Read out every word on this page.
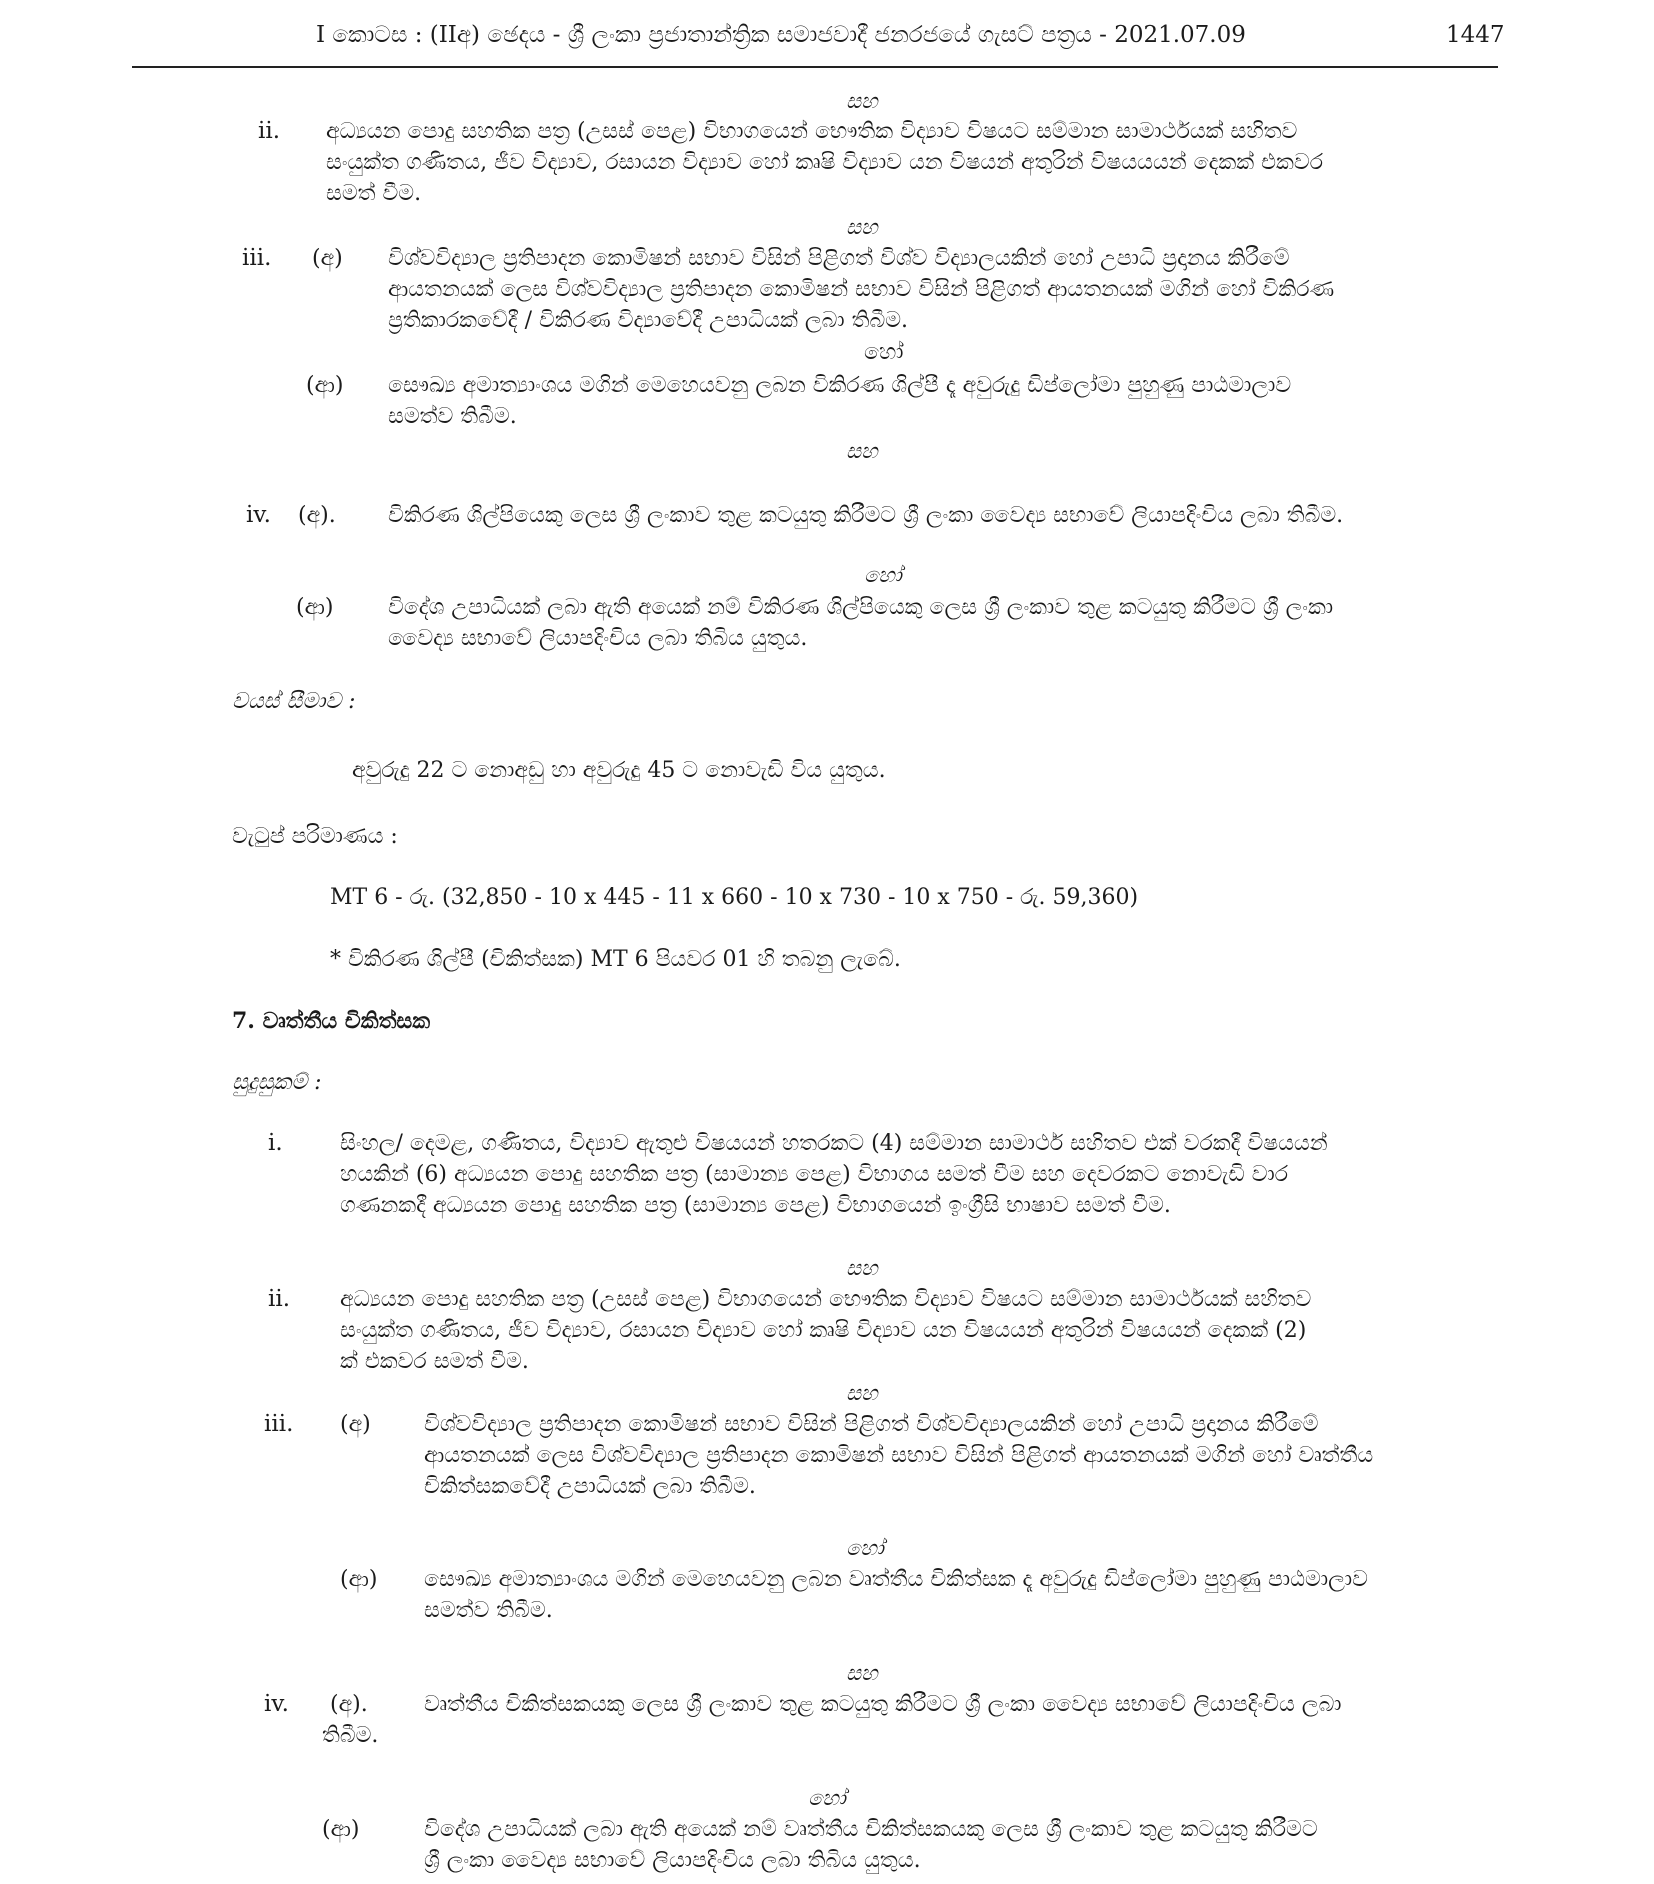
I කොටස : (IIඅ) ඡෙදය - ශ්‍රී ලංකා ප්‍රජාතාන්ත්‍රික සමාජවාදී ජනරජයේ ගැසට් පත්‍රය - 2021.07.09	1447
සහ
ii. අධ්‍යයන පොදු සහතික පත්‍ර (උසස් පෙළ) විභාගයෙන් භෞතික විද්‍යාව විෂයට සම්මාන සාමාර්ථයක් සහිතව
සංයුක්ත ගණිතය, ජීව විද්‍යාව, රසායන විද්‍යාව හෝ කෘෂි විද්‍යාව යන විෂයන් අතුරින් විෂයයයන් දෙකක් එකවර
සමත් වීම.
සහ
iii. (අ) විශ්වවිද්‍යාල ප්‍රතිපාදන කොමිෂන් සභාව විසින් පිළිගත් විශ්ව විද්‍යාලයකින් හෝ උපාධි ප්‍රදානය කිරීමේ
ආයතනයක් ලෙස විශ්වවිද්‍යාල ප්‍රතිපාදන කොමිෂන් සභාව විසින් පිළිගත් ආයතනයක් මගින් හෝ විකිරණ
ප්‍රතිකාරකවේදී / විකිරණ විද්‍යාවේදී උපාධියක් ලබා තිබීම.
හෝ
(ආ) සෞඛ්‍ය අමාත්‍යාංශය මගින් මෙහෙයවනු ලබන විකිරණ ශිල්පී දෑ අවුරුදු ඩිප්ලෝමා පුහුණු පාඨමාලාව
සමත්ව තිබීම.
සහ
iv. (අ). විකිරණ ශිල්පියෙකු ලෙස ශ්‍රී ලංකාව තුළ කටයුතු කිරීමට ශ්‍රී ලංකා වෛද්‍ය සභාවේ ලියාපදිංචිය ලබා තිබීම.
හෝ
(ආ) විදේශ උපාධියක් ලබා ඇති අයෙක් නම් විකිරණ ශිල්පියෙකු ලෙස ශ්‍රී ලංකාව තුළ කටයුතු කිරීමට ශ්‍රී ලංකා
වෛද්‍ය සභාවේ ලියාපදිංචිය ලබා තිබිය යුතුය.
වයස් සීමාව :
අවුරුදු 22 ට නොඅඩු හා අවුරුදු 45 ට නොවැඩි විය යුතුය.
වැටුප් පරිමාණය :
MT 6 - රු. (32,850 - 10 x 445 - 11 x 660 - 10 x 730 - 10 x 750 - රු. 59,360)
* විකිරණ ශිල්පී (චිකිත්සක) MT 6 පියවර 01 හි තබනු ලැබේ.
7. වෘත්තීය චිකිත්සක
සුදුසුකම් :
i.	සිංහල/ දෙමළ, ගණිතය, විද්‍යාව ඇතුළු විෂයයන් හතරකට (4) සම්මාන සාමාර්ථ සහිතව එක් වරකදී විෂයයන්
හයකින් (6) අධ්‍යයන පොදු සහතික පත්‍ර (සාමාන්‍ය පෙළ) විභාගය සමත් වීම සහ දෙවරකට නොවැඩි වාර
ගණනකදී අධ්‍යයන පොදු සහතික පත්‍ර (සාමාන්‍ය පෙළ) විභාගයෙන් ඉංග්‍රීසි භාෂාව සමත් වීම.
සහ
ii. අධ්‍යයන පොදු සහතික පත්‍ර (උසස් පෙළ) විභාගයෙන් භෞතික විද්‍යාව විෂයට සම්මාන සාමාර්ථයක් සහිතව
සංයුක්ත ගණිතය, ජීව විද්‍යාව, රසායන විද්‍යාව හෝ කෘෂි විද්‍යාව යන විෂයයන් අතුරින් විෂයයන් දෙකක් (2)
ක් එකවර සමත් වීම.
සහ
iii. (අ) විශ්වවිද්‍යාල ප්‍රතිපාදන කොමිෂන් සභාව විසින් පිළිගත් විශ්වවිද්‍යාලයකින් හෝ උපාධි ප්‍රදානය කිරීමේ
ආයතනයක් ලෙස විශ්වවිද්‍යාල ප්‍රතිපාදන කොමිෂන් සභාව විසින් පිළිගත් ආයතනයක් මගින් හෝ වෘත්තීය
චිකිත්සකවේදී උපාධියක් ලබා තිබීම.
හෝ
(ආ) සෞඛ්‍ය අමාත්‍යාංශය මගින් මෙහෙයවනු ලබන වෘත්තීය චිකිත්සක දෑ අවුරුදු ඩිප්ලෝමා පුහුණු පාඨමාලාව
සමත්ව තිබීම.
සහ
iv. (අ).	වෘත්තීය චිකිත්සකයකු ලෙස ශ්‍රී ලංකාව තුළ කටයුතු කිරීමට ශ්‍රී ලංකා වෛද්‍ය සභාවේ ලියාපදිංචිය ලබා
තිබීම.
හෝ
(ආ)	විදේශ උපාධියක් ලබා ඇති අයෙක් නම් වෘත්තීය චිකිත්සකයකු ලෙස ශ්‍රී ලංකාව තුළ කටයුතු කිරීමට
ශ්‍රී ලංකා වෛද්‍ය සභාවේ ලියාපදිංචිය ලබා තිබිය යුතුය.
